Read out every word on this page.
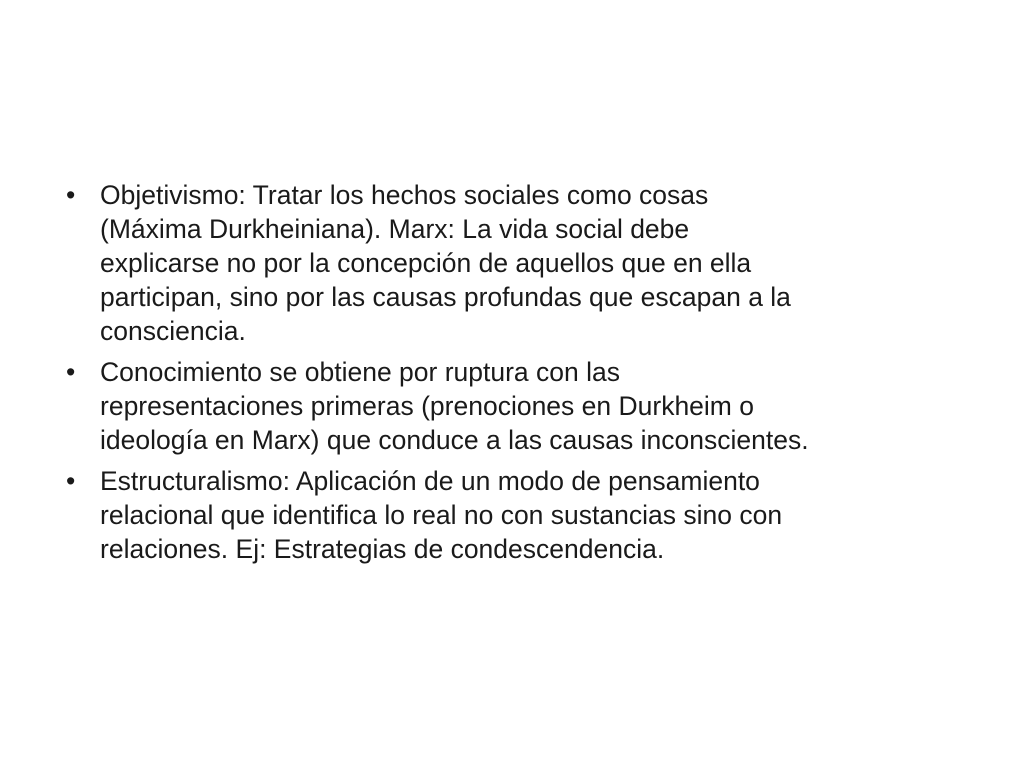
• Objetivismo: Tratar los hechos sociales como cosas
(Máxima Durkheiniana). Marx: La vida social debe
explicarse no por la concepción de aquellos que en ella
participan, sino por las causas profundas que escapan a la
consciencia.
• Conocimiento se obtiene por ruptura con las
representaciones primeras (prenociones en Durkheim o
ideología en Marx) que conduce a las causas inconscientes.
• Estructuralismo: Aplicación de un modo de pensamiento
relacional que identifica lo real no con sustancias sino con
relaciones. Ej: Estrategias de condescendencia.
